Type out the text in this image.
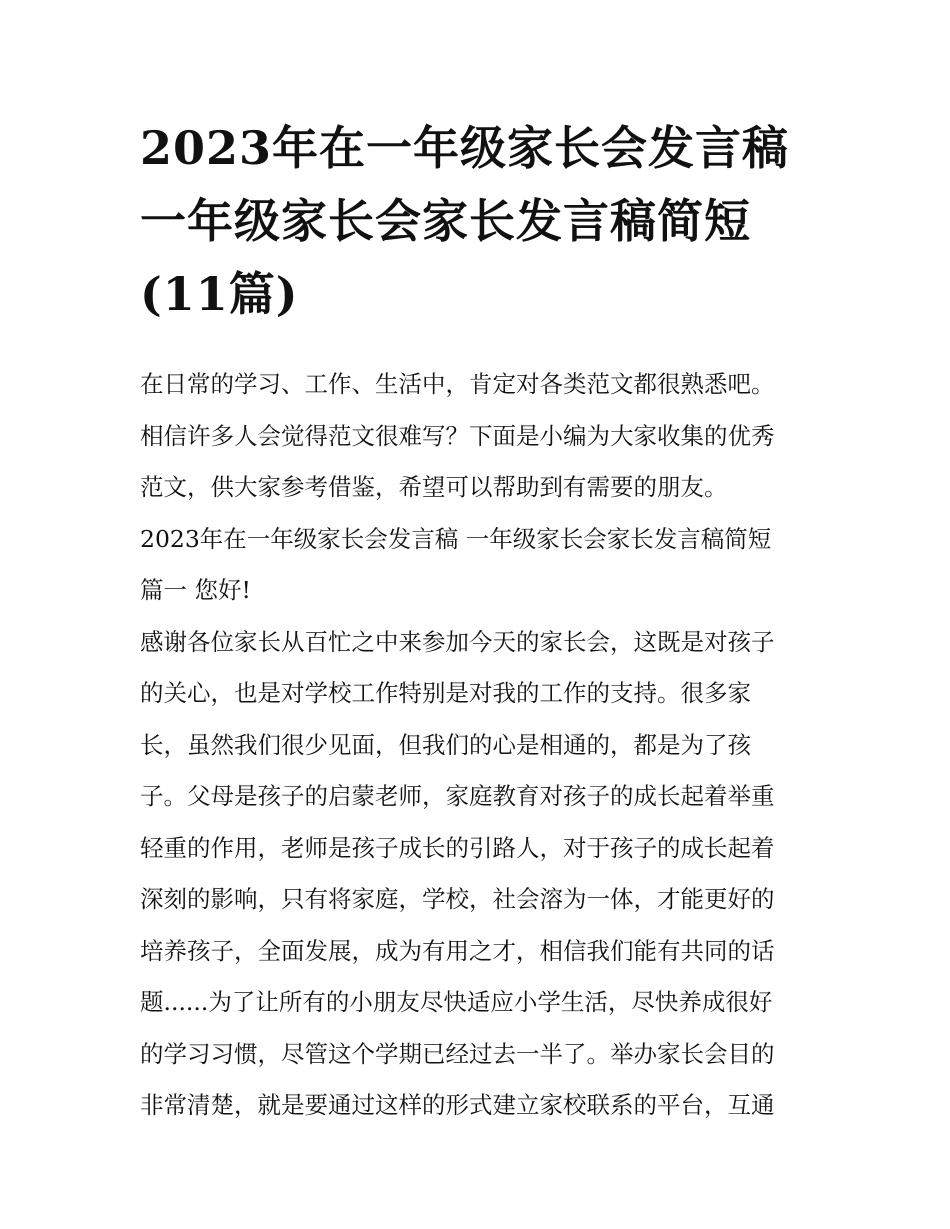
2023年在一年级家长会发言稿
一年级家长会家长发言稿简短
(11篇)
在日常的学习、工作、生活中，肯定对各类范文都很熟悉吧。
相信许多人会觉得范文很难写？下面是小编为大家收集的优秀
范文，供大家参考借鉴，希望可以帮助到有需要的朋友。
2023年在一年级家长会发言稿 一年级家长会家长发言稿简短
篇一 您好!
感谢各位家长从百忙之中来参加今天的家长会，这既是对孩子
的关心，也是对学校工作特别是对我的工作的支持。很多家
长，虽然我们很少见面，但我们的心是相通的，都是为了孩
子。父母是孩子的启蒙老师，家庭教育对孩子的成长起着举重
轻重的作用，老师是孩子成长的引路人，对于孩子的成长起着
深刻的影响，只有将家庭，学校，社会溶为一体，才能更好的
培养孩子，全面发展，成为有用之才，相信我们能有共同的话
题......为了让所有的小朋友尽快适应小学生活，尽快养成很好
的学习习惯，尽管这个学期已经过去一半了。举办家长会目的
非常清楚，就是要通过这样的形式建立家校联系的平台，互通
